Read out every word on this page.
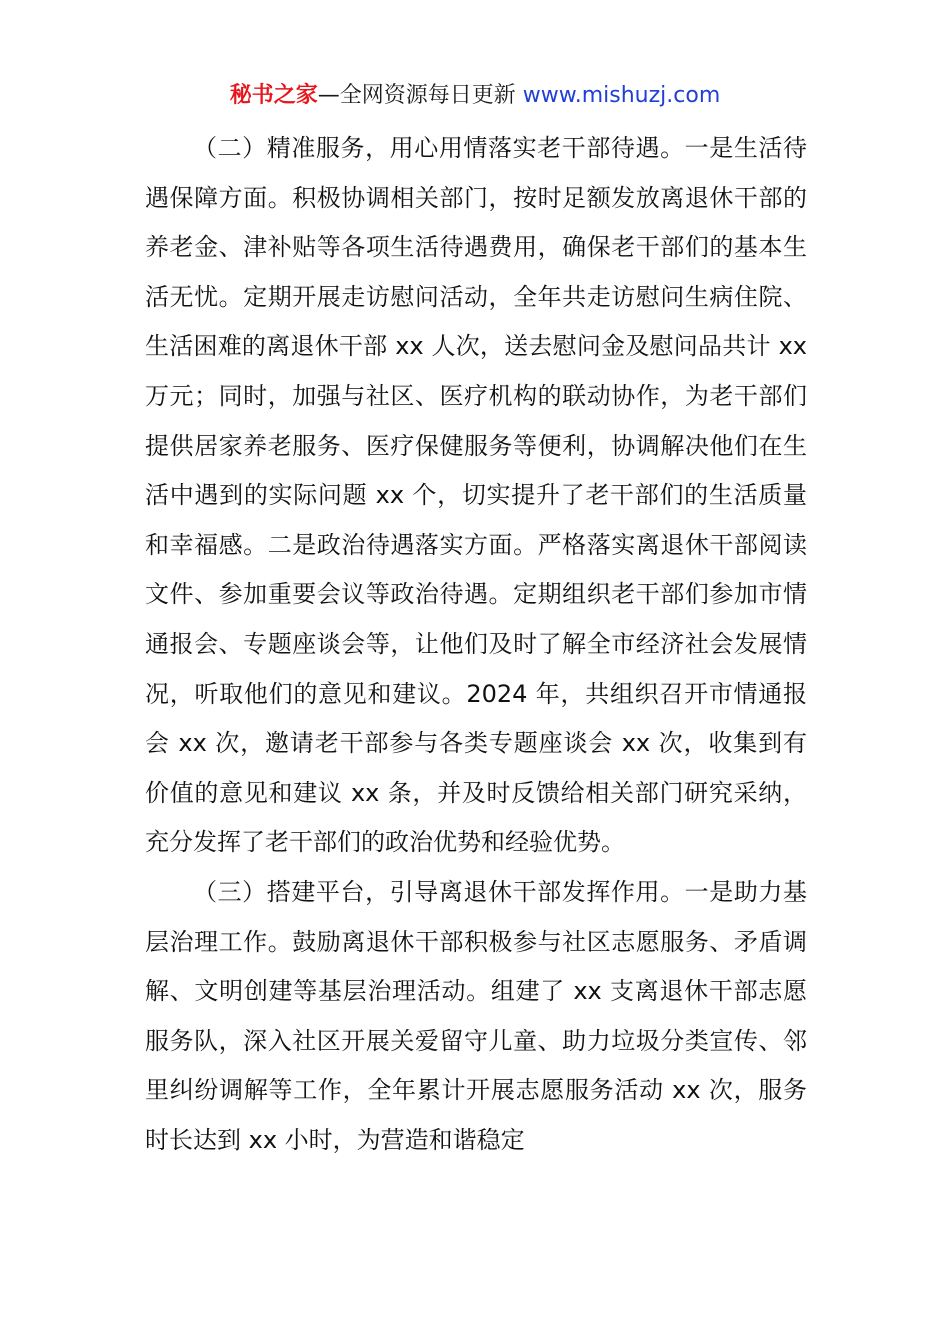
秘书之家—全网资源每日更新 www.mishuzj.com

（二）精准服务，用心用情落实老干部待遇。一是生活待遇保障方面。积极协调相关部门，按时足额发放离退休干部的养老金、津补贴等各项生活待遇费用，确保老干部们的基本生活无忧。定期开展走访慰问活动，全年共走访慰问生病住院、生活困难的离退休干部 xx 人次，送去慰问金及慰问品共计 xx 万元；同时，加强与社区、医疗机构的联动协作，为老干部们提供居家养老服务、医疗保健服务等便利，协调解决他们在生活中遇到的实际问题 xx 个，切实提升了老干部们的生活质量和幸福感。二是政治待遇落实方面。严格落实离退休干部阅读文件、参加重要会议等政治待遇。定期组织老干部们参加市情通报会、专题座谈会等，让他们及时了解全市经济社会发展情况，听取他们的意见和建议。2024 年，共组织召开市情通报会 xx 次，邀请老干部参与各类专题座谈会 xx 次，收集到有价值的意见和建议 xx 条，并及时反馈给相关部门研究采纳，充分发挥了老干部们的政治优势和经验优势。

（三）搭建平台，引导离退休干部发挥作用。一是助力基层治理工作。鼓励离退休干部积极参与社区志愿服务、矛盾调解、文明创建等基层治理活动。组建了 xx 支离退休干部志愿服务队，深入社区开展关爱留守儿童、助力垃圾分类宣传、邻里纠纷调解等工作，全年累计开展志愿服务活动 xx 次，服务时长达到 xx 小时，为营造和谐稳定
